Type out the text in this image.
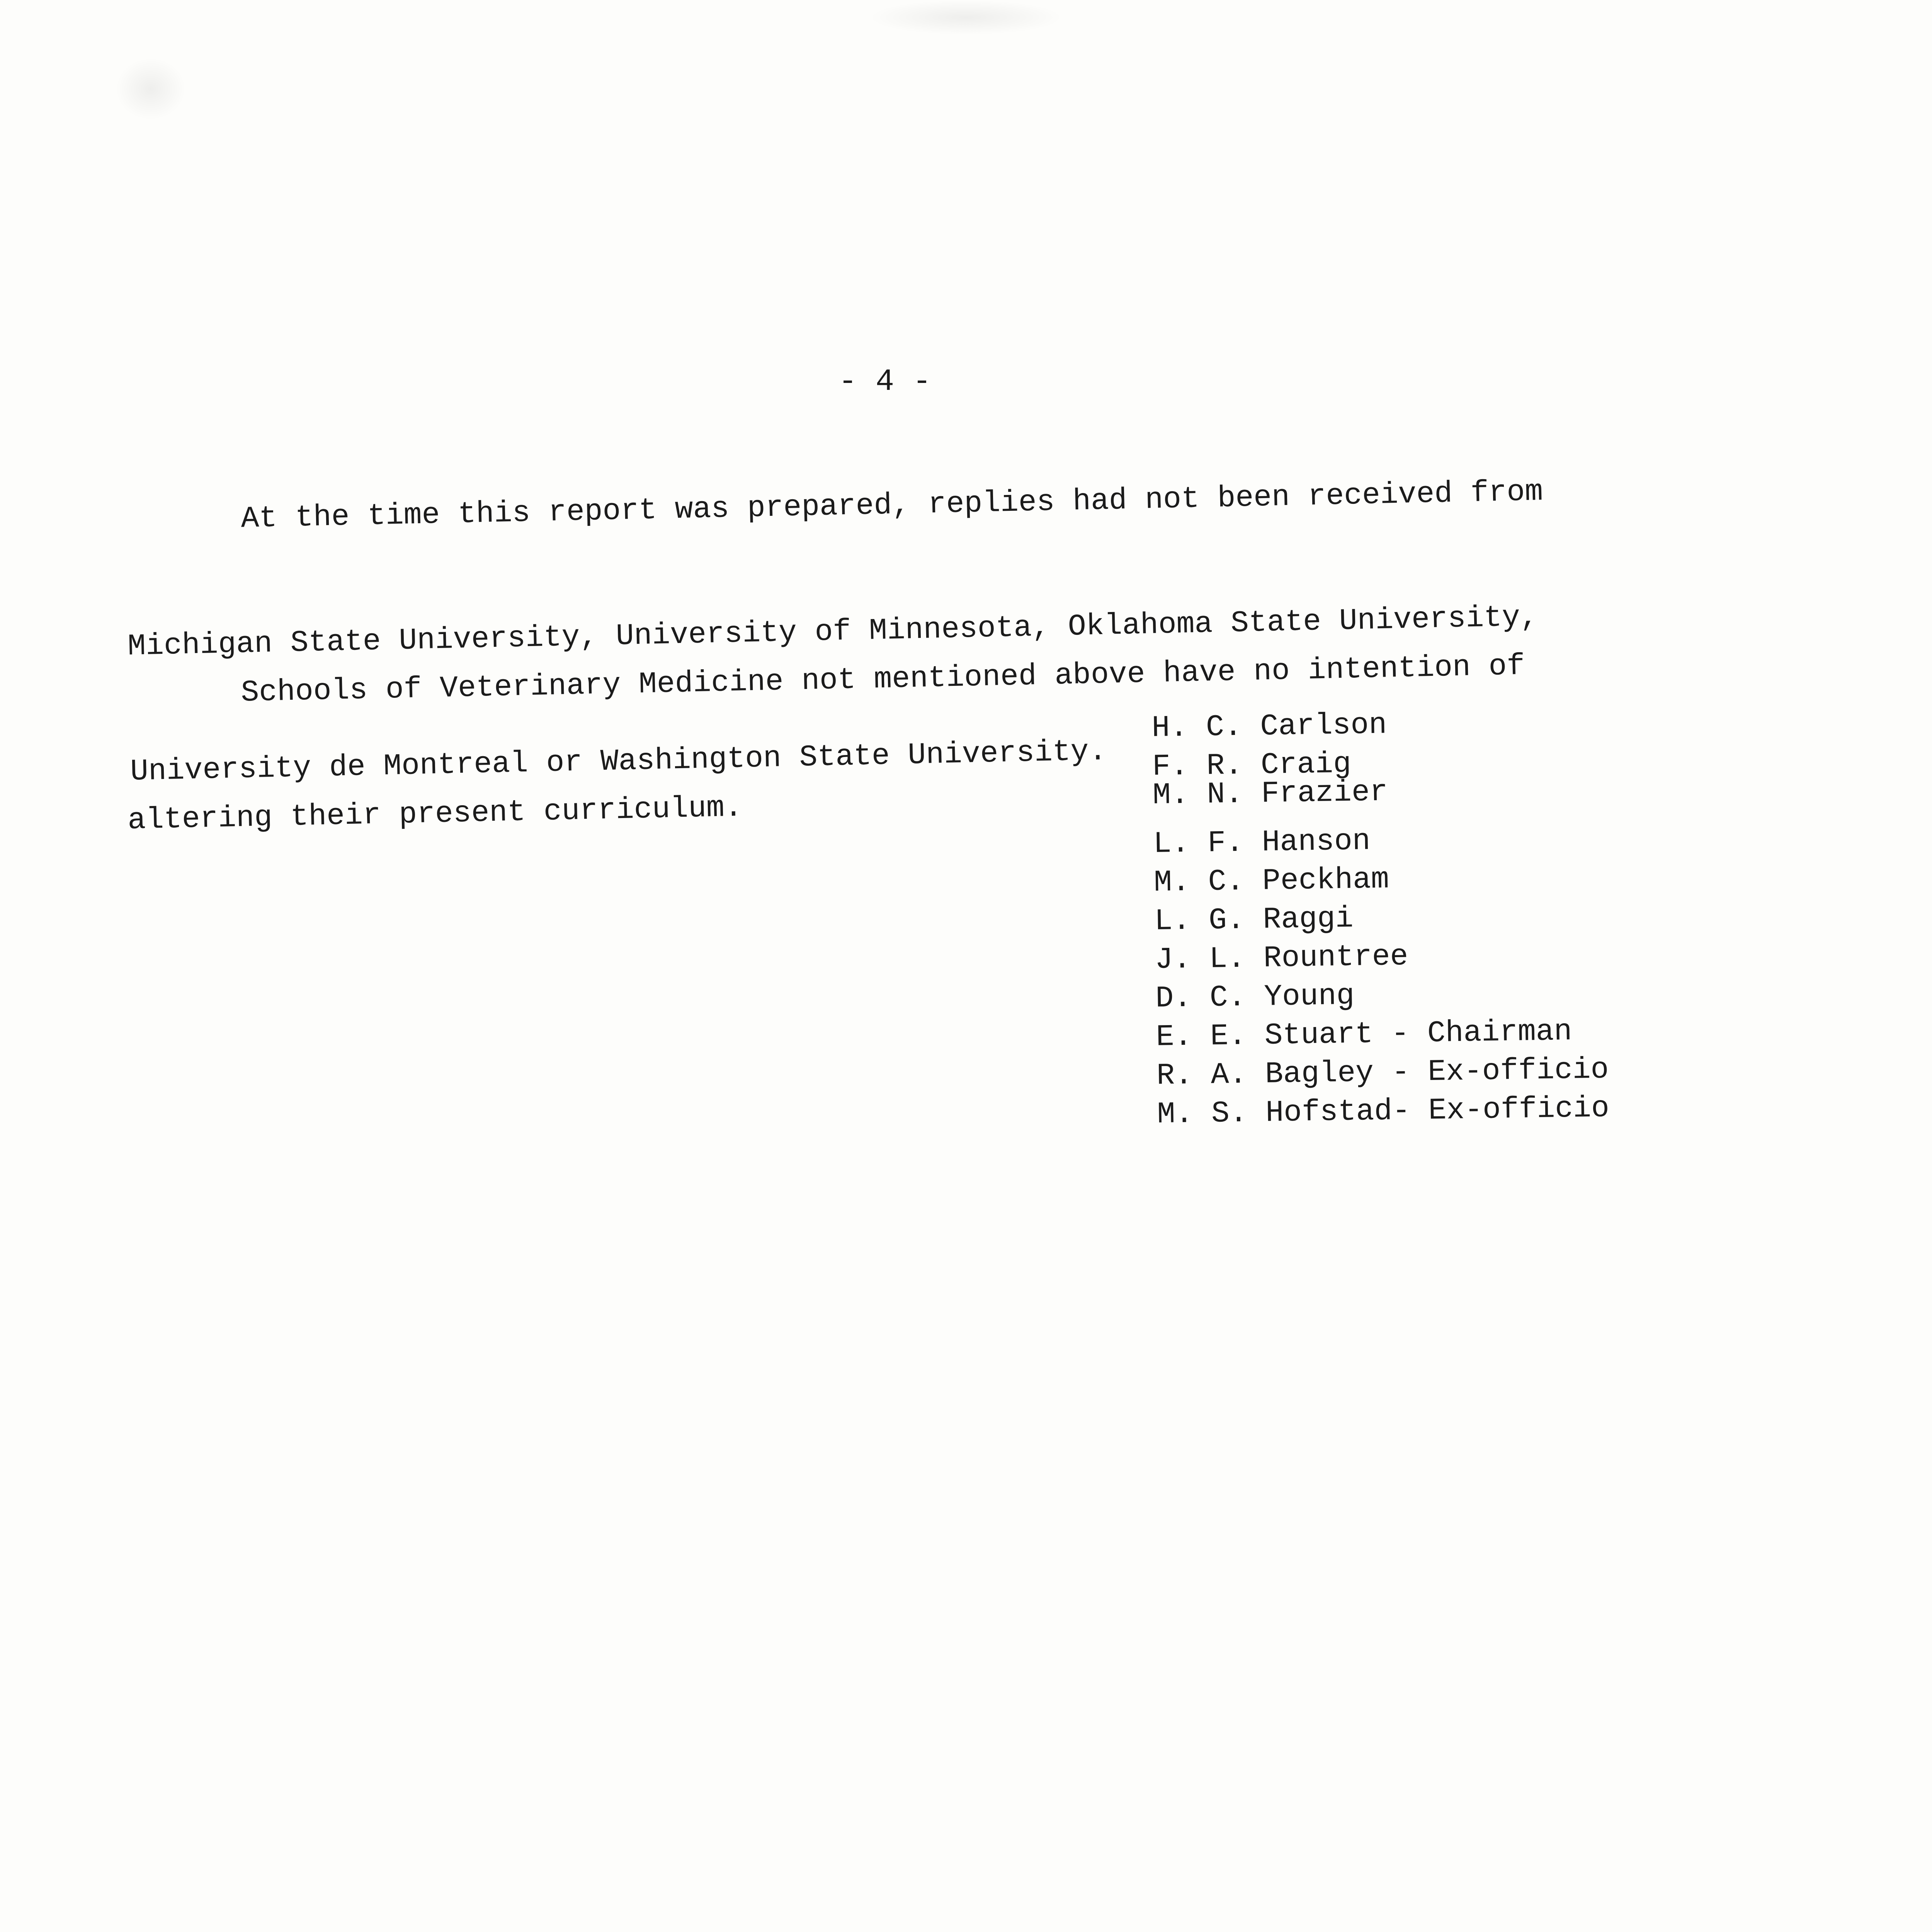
- 4 -

At the time this report was prepared, replies had not been received from

Michigan State University, University of Minnesota, Oklahoma State University,

University de Montreal or Washington State University.

Schools of Veterinary Medicine not mentioned above have no intention of

altering their present curriculum.

H. C. Carlson
F. R. Craig
M. N. Frazier
L. F. Hanson
M. C. Peckham
L. G. Raggi
J. L. Rountree
D. C. Young
E. E. Stuart - Chairman
R. A. Bagley - Ex-officio
M. S. Hofstad- Ex-officio
